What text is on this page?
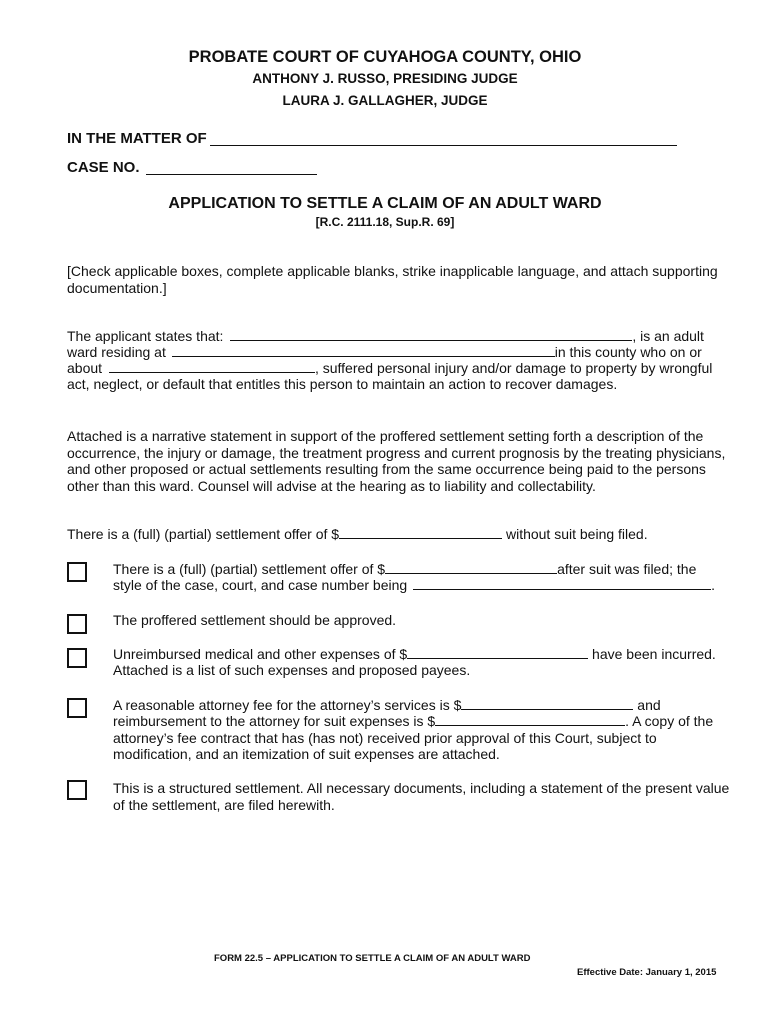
PROBATE COURT OF CUYAHOGA COUNTY, OHIO
ANTHONY J. RUSSO, PRESIDING JUDGE
LAURA J. GALLAGHER, JUDGE
IN THE MATTER OF
CASE NO.
APPLICATION TO SETTLE A CLAIM OF AN ADULT WARD
[R.C. 2111.18, Sup.R. 69]
[Check applicable boxes, complete applicable blanks, strike inapplicable language, and attach supporting
documentation.]
The applicant states that:	, is an adult
ward residing at	in this county who on or
about	, suffered personal injury and/or damage to property by wrongful
act, neglect, or default that entitles this person to maintain an action to recover damages.
Attached is a narrative statement in support of the proffered settlement setting forth a description of the
occurrence, the injury or damage, the treatment progress and current prognosis by the treating physicians,
and other proposed or actual settlements resulting from the same occurrence being paid to the persons
other than this ward. Counsel will advise at the hearing as to liability and collectability.
There is a (full) (partial) settlement offer of $	without suit being filed.
There is a (full) (partial) settlement offer of $	after suit was filed; the
style of the case, court, and case number being	.
The proffered settlement should be approved.
Unreimbursed medical and other expenses of $	have been incurred.
Attached is a list of such expenses and proposed payees.
A reasonable attorney fee for the attorney’s services is $	and
reimbursement to the attorney for suit expenses is $	. A copy of the
attorney’s fee contract that has (has not) received prior approval of this Court, subject to
modification, and an itemization of suit expenses are attached.
This is a structured settlement. All necessary documents, including a statement of the present value
of the settlement, are filed herewith.
FORM 22.5 – APPLICATION TO SETTLE A CLAIM OF AN ADULT WARD
Effective Date: January 1, 2015
